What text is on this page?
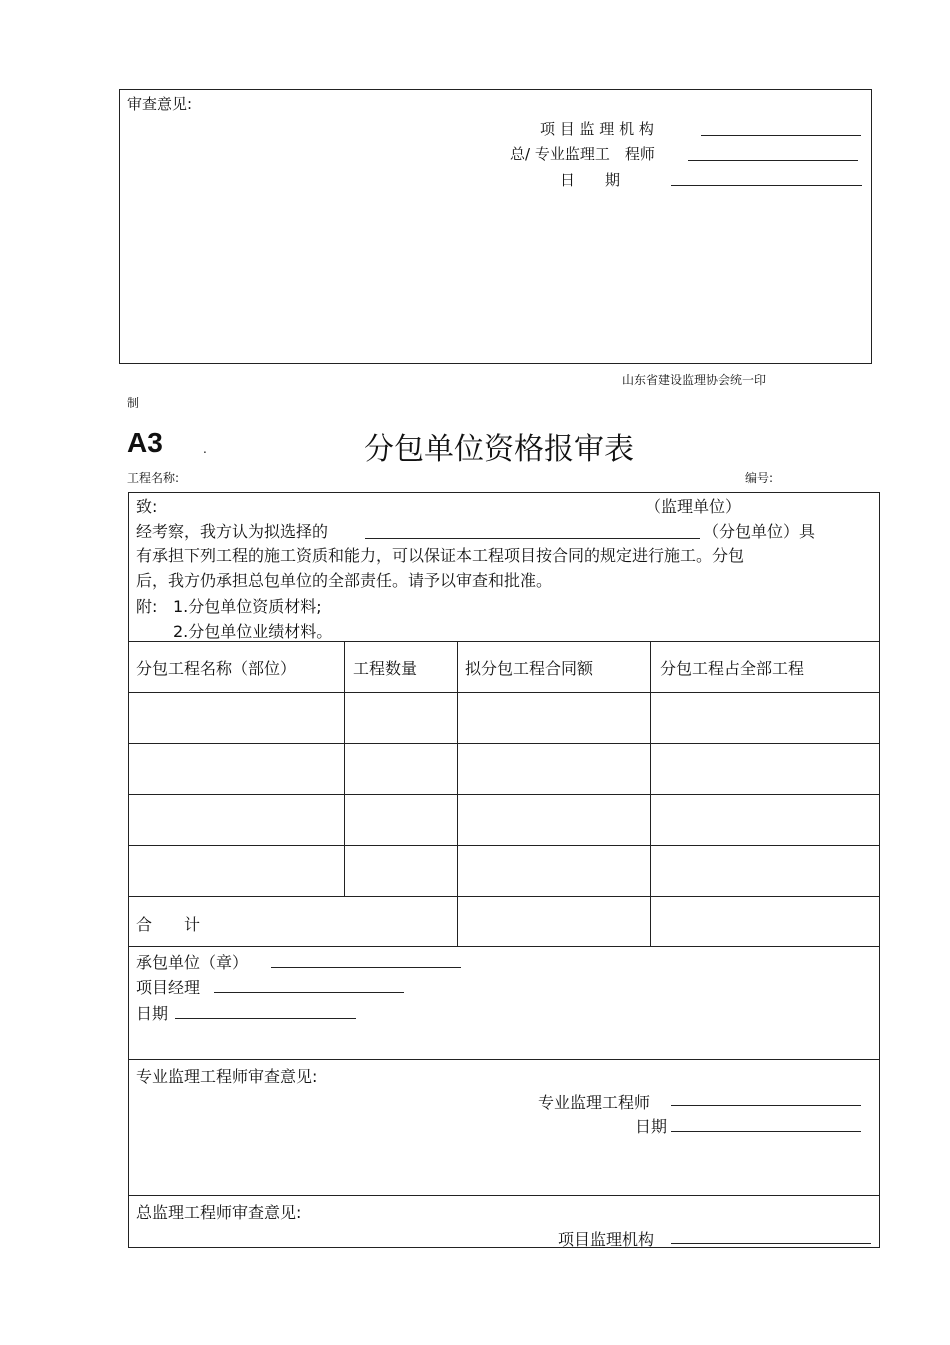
审查意见:
项 目 监 理 机 构
总/ 专业监理工　程师
日　　期
山东省建设监理协会统一印
制
A3	.	分包单位资格报审表
工程名称:	编号:
致:	（监理单位）
经考察，我方认为拟选择的	（分包单位）具
有承担下列工程的施工资质和能力，可以保证本工程项目按合同的规定进行施工。分包
后，我方仍承担总包单位的全部责任。请予以审查和批准。
附: 1.分包单位资质材料;
2.分包单位业绩材料。
分包工程名称（部位）	工程数量	拟分包工程合同额	分包工程占全部工程
合　　计
承包单位（章）
项目经理
日期
专业监理工程师审查意见:
专业监理工程师
日期
总监理工程师审查意见:
项目监理机构
